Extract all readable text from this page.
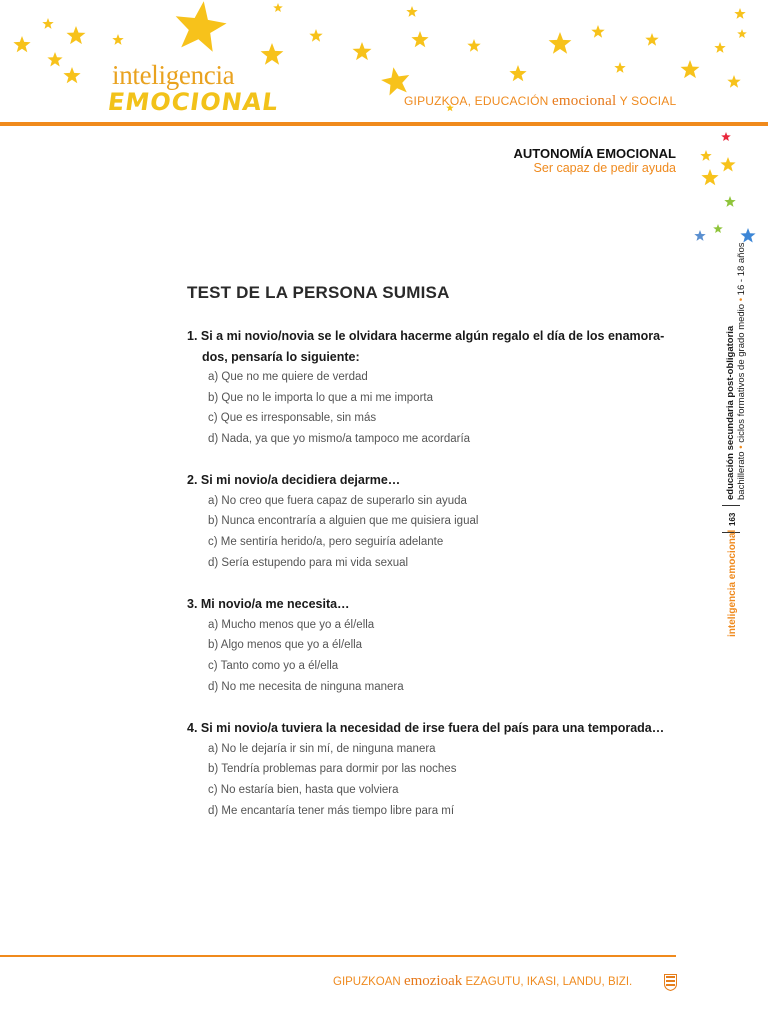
inteligencia
EMOCIONAL	GIPUZKOA, EDUCACIÓN emocional Y SOCIAL
AUTONOMÍA EMOCIONAL
Ser capaz de pedir ayuda
educación secundaria post-obligatoria bachillerato • ciclos formativos de grado medio • 16 - 18 años
163
inteligencia emocional
TEST DE LA PERSONA SUMISA
1. Si a mi novio/novia se le olvidara hacerme algún regalo el día de los enamora-dos, pensaría lo siguiente:
a) Que no me quiere de verdad
b) Que no le importa lo que a mi me importa
c) Que es irresponsable, sin más
d) Nada, ya que yo mismo/a tampoco me acordaría
2. Si mi novio/a decidiera dejarme…
a) No creo que fuera capaz de superarlo sin ayuda
b) Nunca encontraría a alguien que me quisiera igual
c) Me sentiría herido/a, pero seguiría adelante
d) Sería estupendo para mi vida sexual
3. Mi novio/a me necesita…
a) Mucho menos que yo a él/ella
b) Algo menos que yo a él/ella
c) Tanto como yo a él/ella
d) No me necesita de ninguna manera
4. Si mi novio/a tuviera la necesidad de irse fuera del país para una temporada…
a) No le dejaría ir sin mí, de ninguna manera
b) Tendría problemas para dormir por las noches
c) No estaría bien, hasta que volviera
d) Me encantaría tener más tiempo libre para mí
GIPUZKOAN emozioak EZAGUTU, IKASI, LANDU, BIZI.
